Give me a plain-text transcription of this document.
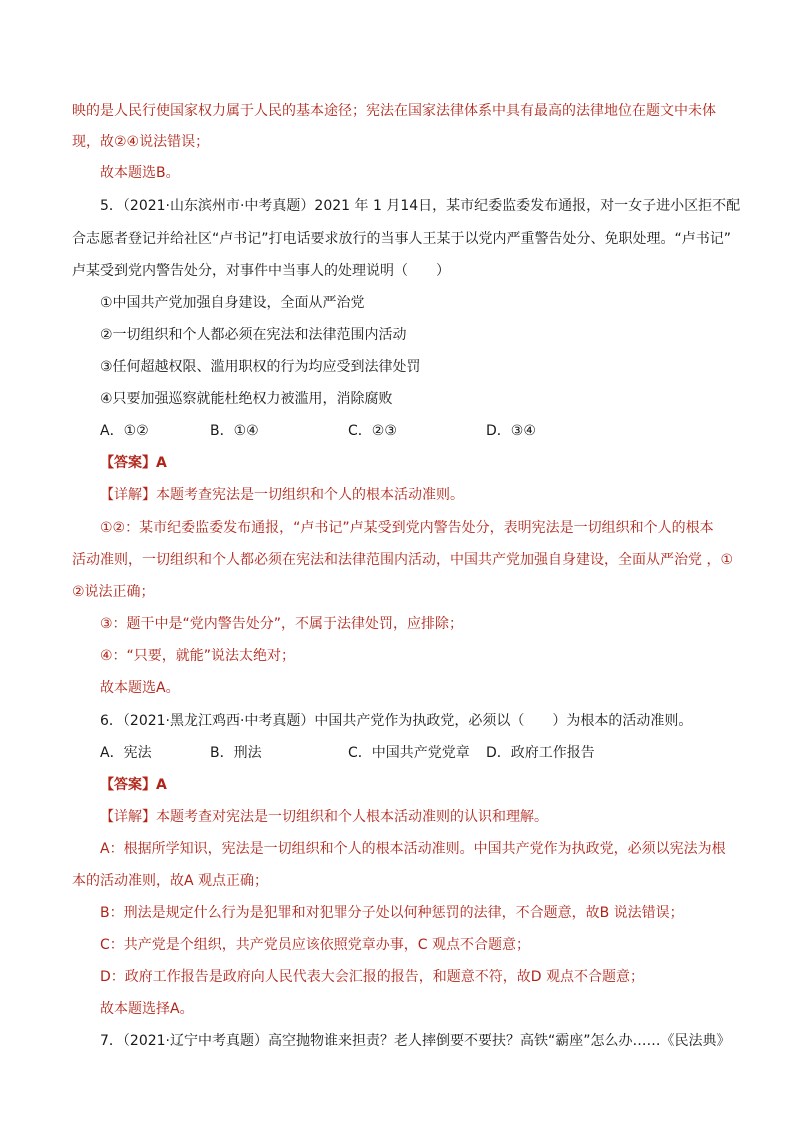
映的是人民行使国家权力属于人民的基本途径；宪法在国家法律体系中具有最高的法律地位在题文中未体
现，故②④说法错误；
故本题选B。
5．（2021·山东滨州市·中考真题）2021 年 1 月14日，某市纪委监委发布通报，对一女子进小区拒不配
合志愿者登记并给社区“卢书记”打电话要求放行的当事人王某于以党内严重警告处分、免职处理。“卢书记”
卢某受到党内警告处分，对事件中当事人的处理说明（　　）
①中国共产党加强自身建设，全面从严治党
②一切组织和个人都必须在宪法和法律范围内活动
③任何超越权限、滥用职权的行为均应受到法律处罚
④只要加强巡察就能杜绝权力被滥用，消除腐败
A．①②	B．①④	C．②③	D．③④
【答案】A
【详解】本题考查宪法是一切组织和个人的根本活动准则。
①②：某市纪委监委发布通报，“卢书记”卢某受到党内警告处分，表明宪法是一切组织和个人的根本
活动准则，一切组织和个人都必须在宪法和法律范围内活动，中国共产党加强自身建设，全面从严治党 ，①
②说法正确；
③：题干中是“党内警告处分”，不属于法律处罚，应排除；
④：“只要，就能”说法太绝对；
故本题选A。
6．（2021·黑龙江鸡西·中考真题）中国共产党作为执政党，必须以（　　）为根本的活动准则。
A．宪法	B．刑法	C．中国共产党党章 D．政府工作报告
【答案】A
【详解】本题考查对宪法是一切组织和个人根本活动准则的认识和理解。
A：根据所学知识，宪法是一切组织和个人的根本活动准则。中国共产党作为执政党，必须以宪法为根
本的活动准则，故A 观点正确；
B：刑法是规定什么行为是犯罪和对犯罪分子处以何种惩罚的法律，不合题意，故B 说法错误；
C：共产党是个组织，共产党员应该依照党章办事，C 观点不合题意；
D：政府工作报告是政府向人民代表大会汇报的报告，和题意不符，故D 观点不合题意；
故本题选择A。
7．（2021·辽宁中考真题）高空抛物谁来担责？老人摔倒要不要扶？高铁“霸座”怎么办……《民法典》
